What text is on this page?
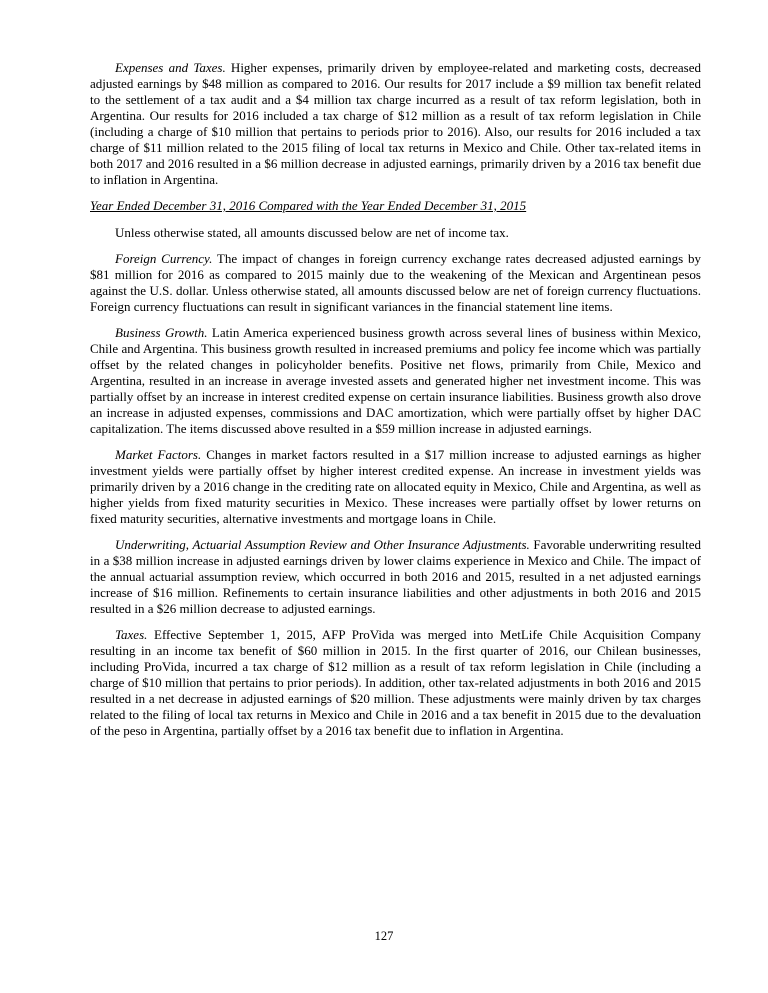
Expenses and Taxes. Higher expenses, primarily driven by employee-related and marketing costs, decreased adjusted earnings by $48 million as compared to 2016. Our results for 2017 include a $9 million tax benefit related to the settlement of a tax audit and a $4 million tax charge incurred as a result of tax reform legislation, both in Argentina. Our results for 2016 included a tax charge of $12 million as a result of tax reform legislation in Chile (including a charge of $10 million that pertains to periods prior to 2016). Also, our results for 2016 included a tax charge of $11 million related to the 2015 filing of local tax returns in Mexico and Chile. Other tax-related items in both 2017 and 2016 resulted in a $6 million decrease in adjusted earnings, primarily driven by a 2016 tax benefit due to inflation in Argentina.

Year Ended December 31, 2016 Compared with the Year Ended December 31, 2015

Unless otherwise stated, all amounts discussed below are net of income tax.

Foreign Currency. The impact of changes in foreign currency exchange rates decreased adjusted earnings by $81 million for 2016 as compared to 2015 mainly due to the weakening of the Mexican and Argentinean pesos against the U.S. dollar. Unless otherwise stated, all amounts discussed below are net of foreign currency fluctuations. Foreign currency fluctuations can result in significant variances in the financial statement line items.

Business Growth. Latin America experienced business growth across several lines of business within Mexico, Chile and Argentina. This business growth resulted in increased premiums and policy fee income which was partially offset by the related changes in policyholder benefits. Positive net flows, primarily from Chile, Mexico and Argentina, resulted in an increase in average invested assets and generated higher net investment income. This was partially offset by an increase in interest credited expense on certain insurance liabilities. Business growth also drove an increase in adjusted expenses, commissions and DAC amortization, which were partially offset by higher DAC capitalization. The items discussed above resulted in a $59 million increase in adjusted earnings.

Market Factors. Changes in market factors resulted in a $17 million increase to adjusted earnings as higher investment yields were partially offset by higher interest credited expense. An increase in investment yields was primarily driven by a 2016 change in the crediting rate on allocated equity in Mexico, Chile and Argentina, as well as higher yields from fixed maturity securities in Mexico. These increases were partially offset by lower returns on fixed maturity securities, alternative investments and mortgage loans in Chile.

Underwriting, Actuarial Assumption Review and Other Insurance Adjustments. Favorable underwriting resulted in a $38 million increase in adjusted earnings driven by lower claims experience in Mexico and Chile. The impact of the annual actuarial assumption review, which occurred in both 2016 and 2015, resulted in a net adjusted earnings increase of $16 million. Refinements to certain insurance liabilities and other adjustments in both 2016 and 2015 resulted in a $26 million decrease to adjusted earnings.

Taxes. Effective September 1, 2015, AFP ProVida was merged into MetLife Chile Acquisition Company resulting in an income tax benefit of $60 million in 2015. In the first quarter of 2016, our Chilean businesses, including ProVida, incurred a tax charge of $12 million as a result of tax reform legislation in Chile (including a charge of $10 million that pertains to prior periods). In addition, other tax-related adjustments in both 2016 and 2015 resulted in a net decrease in adjusted earnings of $20 million. These adjustments were mainly driven by tax charges related to the filing of local tax returns in Mexico and Chile in 2016 and a tax benefit in 2015 due to the devaluation of the peso in Argentina, partially offset by a 2016 tax benefit due to inflation in Argentina.

127
